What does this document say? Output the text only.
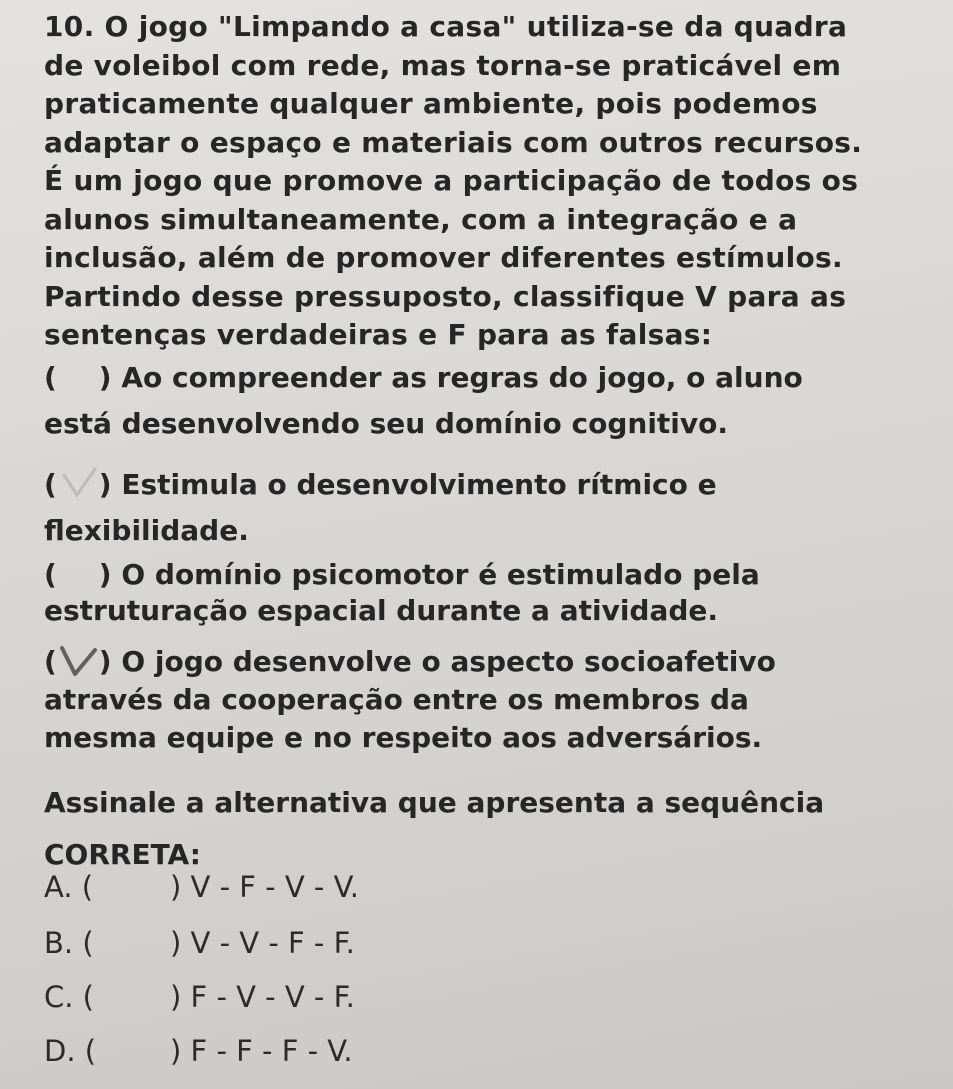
10. O jogo "Limpando a casa" utiliza-se da quadra
de voleibol com rede, mas torna-se praticável em
praticamente qualquer ambiente, pois podemos
adaptar o espaço e materiais com outros recursos.
É um jogo que promove a participação de todos os
alunos simultaneamente, com a integração e a
inclusão, além de promover diferentes estímulos.
Partindo desse pressuposto, classifique V para as
sentenças verdadeiras e F para as falsas:
( ) Ao compreender as regras do jogo, o aluno
está desenvolvendo seu domínio cognitivo.
( ) Estimula o desenvolvimento rítmico e
flexibilidade.
( ) O domínio psicomotor é estimulado pela
estruturação espacial durante a atividade.
( ) O jogo desenvolve o aspecto socioafetivo
através da cooperação entre os membros da
mesma equipe e no respeito aos adversários.
Assinale a alternativa que apresenta a sequência
CORRETA:
A. (	) V - F - V - V.
B. (	) V - V - F - F.
C. (	) F - V - V - F.
D. (	) F - F - F - V.
